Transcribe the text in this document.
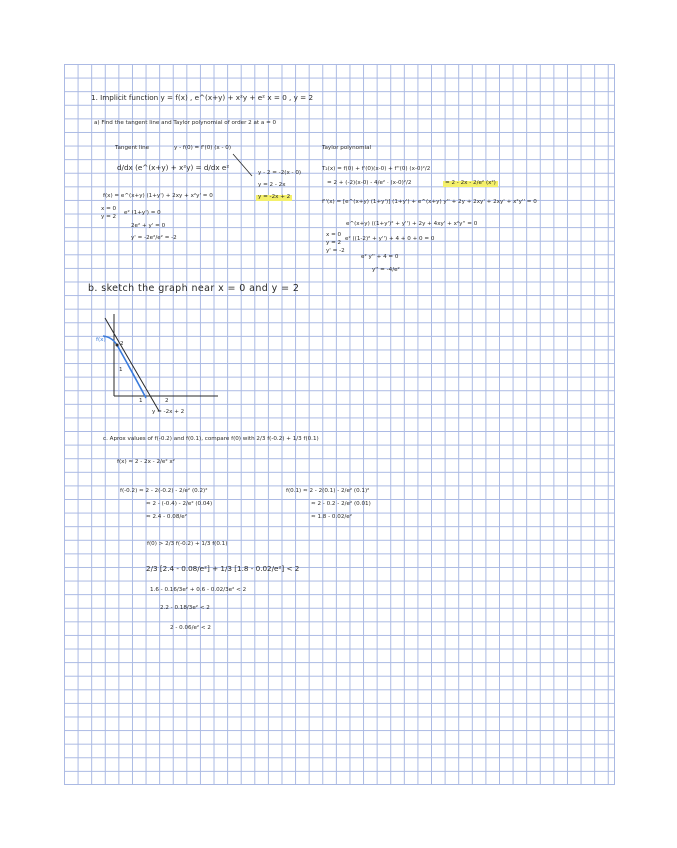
1. Implicit function y = f(x) , e^(x+y) + x²y + e² x = 0 , y = 2
a) Find the tangent line and Taylor polynomial of order 2 at a = 0
Tangent line	y - f(0) = f'(0) (x - 0)
d/dx (e^(x+y) + x²y) = d/dx e²
f(x) = e^(x+y) (1+y') + 2xy + x²y' = 0
x = 0
y = 2
e² (1+y') = 0
2e² + y' = 0
y' = -2e²/e² = -2
y - 2 = -2(x - 0)
y = 2 - 2x
y = -2x + 2
Taylor polynomial
T₂(x) = f(0) + f'(0)(x-0) + f''(0) (x-0)²/2
= 2 + (-2)(x-0) - 4/e² · (x-0)²/2	= 2 - 2x - 2/e² (x²)
f''(x) = [e^(x+y) (1+y')] (1+y') + e^(x+y) y'' + 2y + 2xy' + 2xy' + x²y'' = 0
e^(x+y) ((1+y')² + y'') + 2y + 4xy' + x²y'' = 0
x = 0
y = 2
y' = -2
e² ((1-2)² + y'') + 4 + 0 + 0 = 0
e² y'' + 4 = 0
y'' = -4/e²
b. sketch the graph near x = 0 and y = 2
f(x)
2
1
1	2
y = -2x + 2
c. Aprox values of f(-0.2) and f(0.1), compare f(0) with 2/3 f(-0.2) + 1/3 f(0.1)
f(x) ≈ 2 - 2x - 2/e² x²
f(-0.2) ≈ 2 - 2(-0.2) - 2/e² (0.2)²
≈ 2 - (-0.4) - 2/e² (0.04)
≈ 2.4 - 0.08/e²
f(0.1) ≈ 2 - 2(0.1) - 2/e² (0.1)²
≈ 2 - 0.2 - 2/e² (0.01)
≈ 1.8 - 0.02/e²
f(0) > 2/3 f(-0.2) + 1/3 f(0.1)
2/3 [2.4 - 0.08/e²] + 1/3 [1.8 - 0.02/e²] < 2
1.6 - 0.16/3e² + 0.6 - 0.02/3e² < 2
2.2 - 0.18/3e² < 2
2 - 0.06/e² < 2
